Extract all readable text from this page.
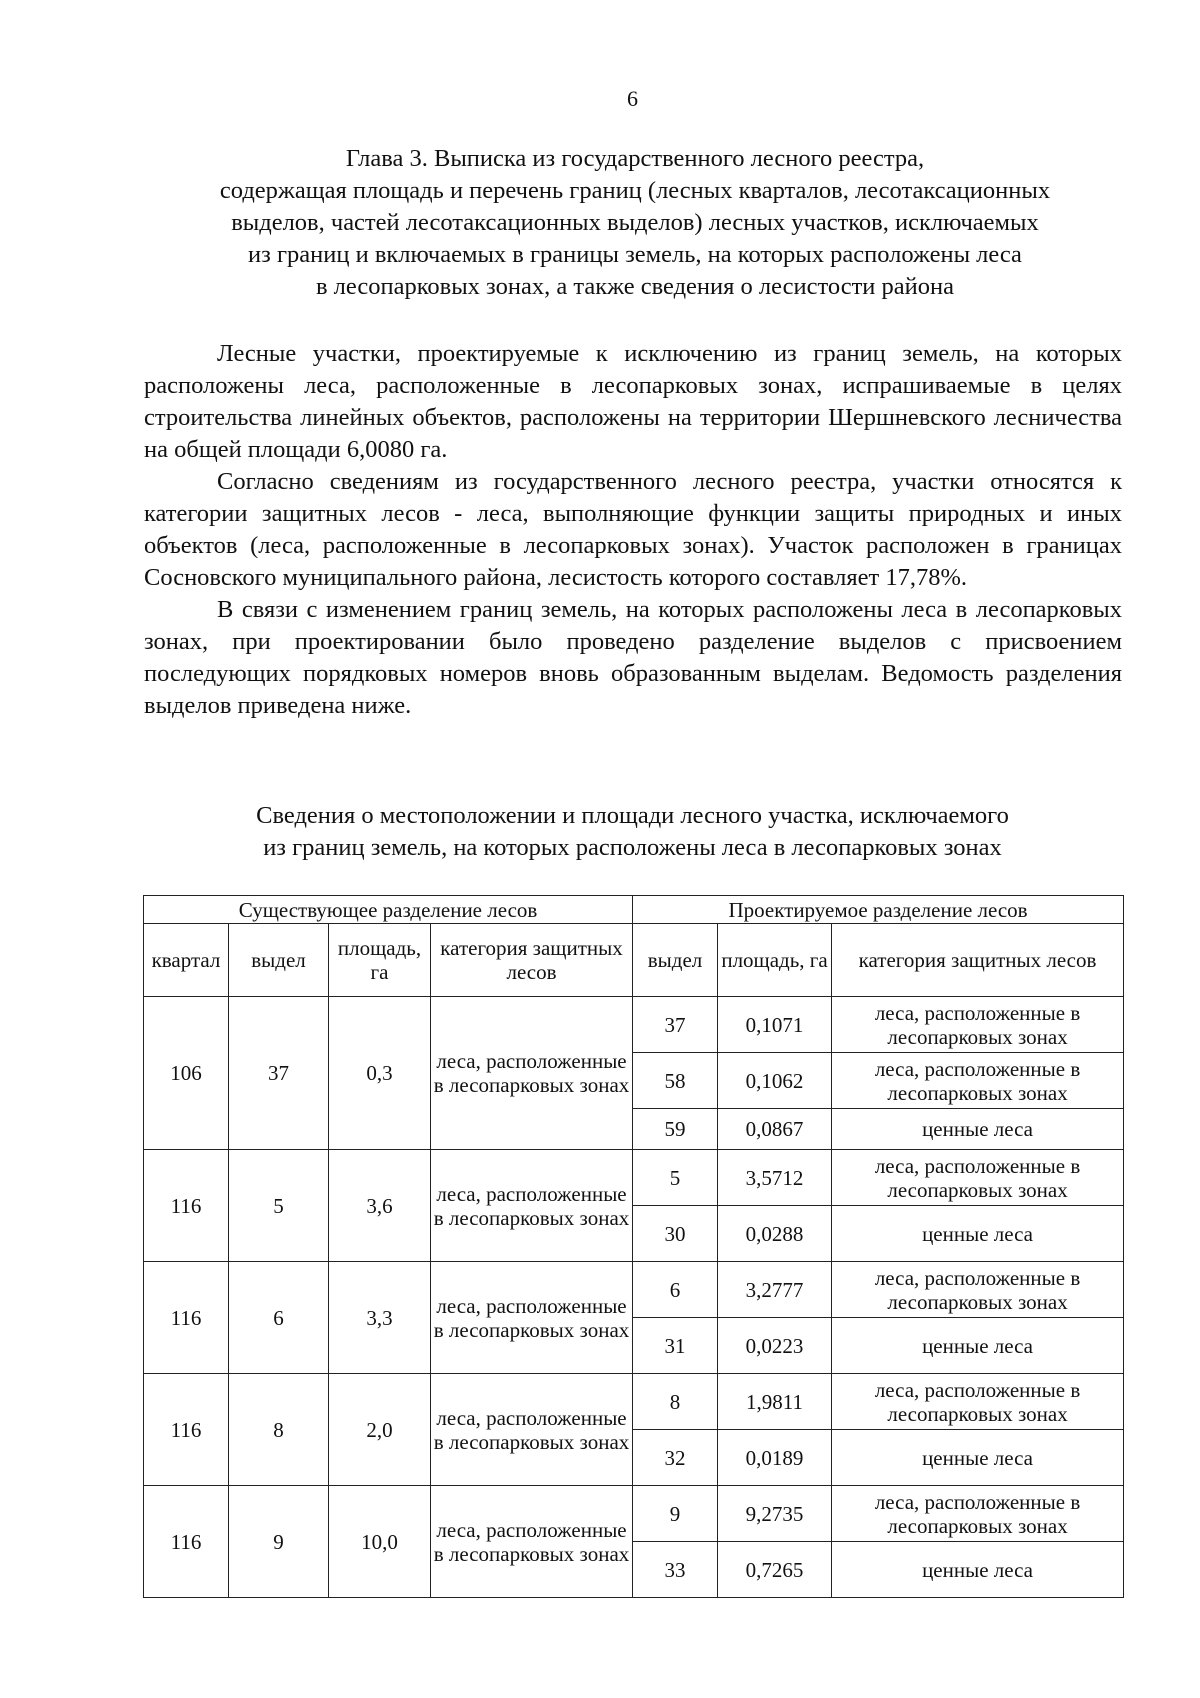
6
Глава 3. Выписка из государственного лесного реестра,
содержащая площадь и перечень границ (лесных кварталов, лесотаксационных
выделов, частей лесотаксационных выделов) лесных участков, исключаемых
из границ и включаемых в границы земель, на которых расположены леса
в лесопарковых зонах, а также сведения о лесистости района

Лесные участки, проектируемые к исключению из границ земель, на которых расположены леса, расположенные в лесопарковых зонах, испрашиваемые в целях строительства линейных объектов, расположены на территории Шершневского лесничества на общей площади 6,0080 га.

Согласно сведениям из государственного лесного реестра, участки относятся к категории защитных лесов - леса, выполняющие функции защиты природных и иных объектов (леса, расположенные в лесопарковых зонах). Участок расположен в границах Сосновского муниципального района, лесистость которого составляет 17,78%.

В связи с изменением границ земель, на которых расположены леса в лесопарковых зонах, при проектировании было проведено разделение выделов с присвоением последующих порядковых номеров вновь образованным выделам. Ведомость разделения выделов приведена ниже.

Сведения о местоположении и площади лесного участка, исключаемого
из границ земель, на которых расположены леса в лесопарковых зонах
Существующее разделение лесов				Проектируемое разделение лесов		
квартал	выдел	площадь, га	категория защитных лесов	выдел	площадь, га	категория защитных лесов
106	37	0,3	леса, расположенные в лесопарковых зонах	37	0,1071	леса, расположенные в лесопарковых зонах
				58	0,1062	леса, расположенные в лесопарковых зонах
				59	0,0867	ценные леса
116	5	3,6	леса, расположенные в лесопарковых зонах	5	3,5712	леса, расположенные в лесопарковых зонах
				30	0,0288	ценные леса
116	6	3,3	леса, расположенные в лесопарковых зонах	6	3,2777	леса, расположенные в лесопарковых зонах
				31	0,0223	ценные леса
116	8	2,0	леса, расположенные в лесопарковых зонах	8	1,9811	леса, расположенные в лесопарковых зонах
				32	0,0189	ценные леса
116	9	10,0	леса, расположенные в лесопарковых зонах	9	9,2735	леса, расположенные в лесопарковых зонах
				33	0,7265	ценные леса
